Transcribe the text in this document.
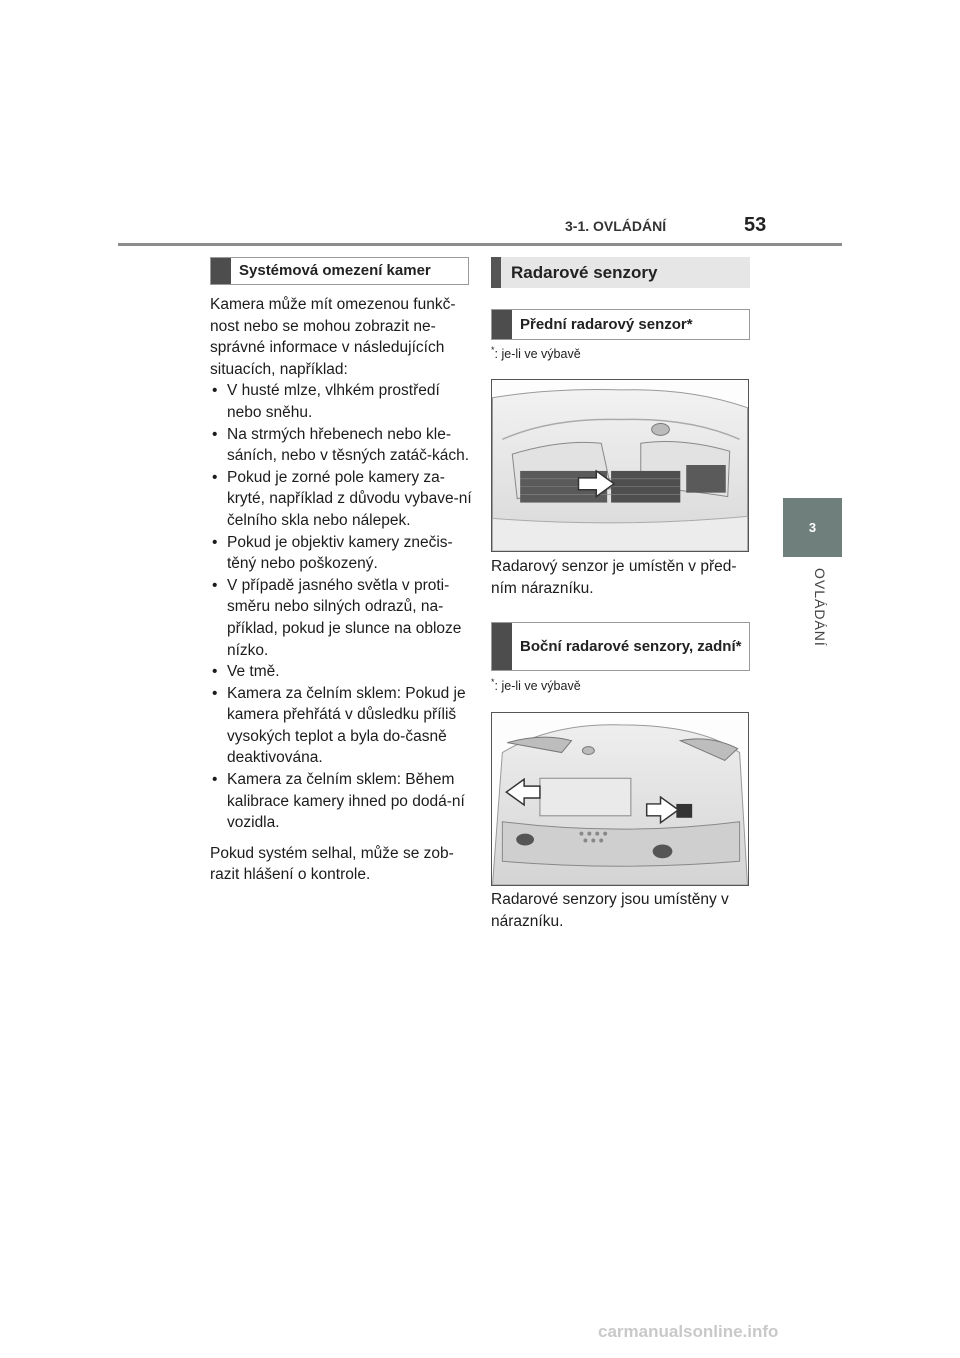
3-1. OVLÁDÁNÍ	53
3
OVLÁDÁNÍ
Systémová omezení kamer

Kamera může mít omezenou funkč-nost nebo se mohou zobrazit ne-správné informace v následujících situacích, například:

• V husté mlze, vlhkém prostředí nebo sněhu.
• Na strmých hřebenech nebo kle-sáních, nebo v těsných zatáč-kách.
• Pokud je zorné pole kamery za-kryté, například z důvodu vybave-ní čelního skla nebo nálepek.
• Pokud je objektiv kamery znečis-těný nebo poškozený.
• V případě jasného světla v proti-směru nebo silných odrazů, na-příklad, pokud je slunce na obloze nízko.
• Ve tmě.
• Kamera za čelním sklem: Pokud je kamera přehřátá v důsledku příliš vysokých teplot a byla do-časně deaktivována.
• Kamera za čelním sklem: Během kalibrace kamery ihned po dodá-ní vozidla.

Pokud systém selhal, může se zob-razit hlášení o kontrole.

Radarové senzory
Přední radarový senzor*
*: je-li ve výbavě
Radarový senzor je umístěn v před-ním nárazníku.
Boční radarové senzory, zadní*
*: je-li ve výbavě
Radarové senzory jsou umístěny v nárazníku.
carmanualsonline.info
